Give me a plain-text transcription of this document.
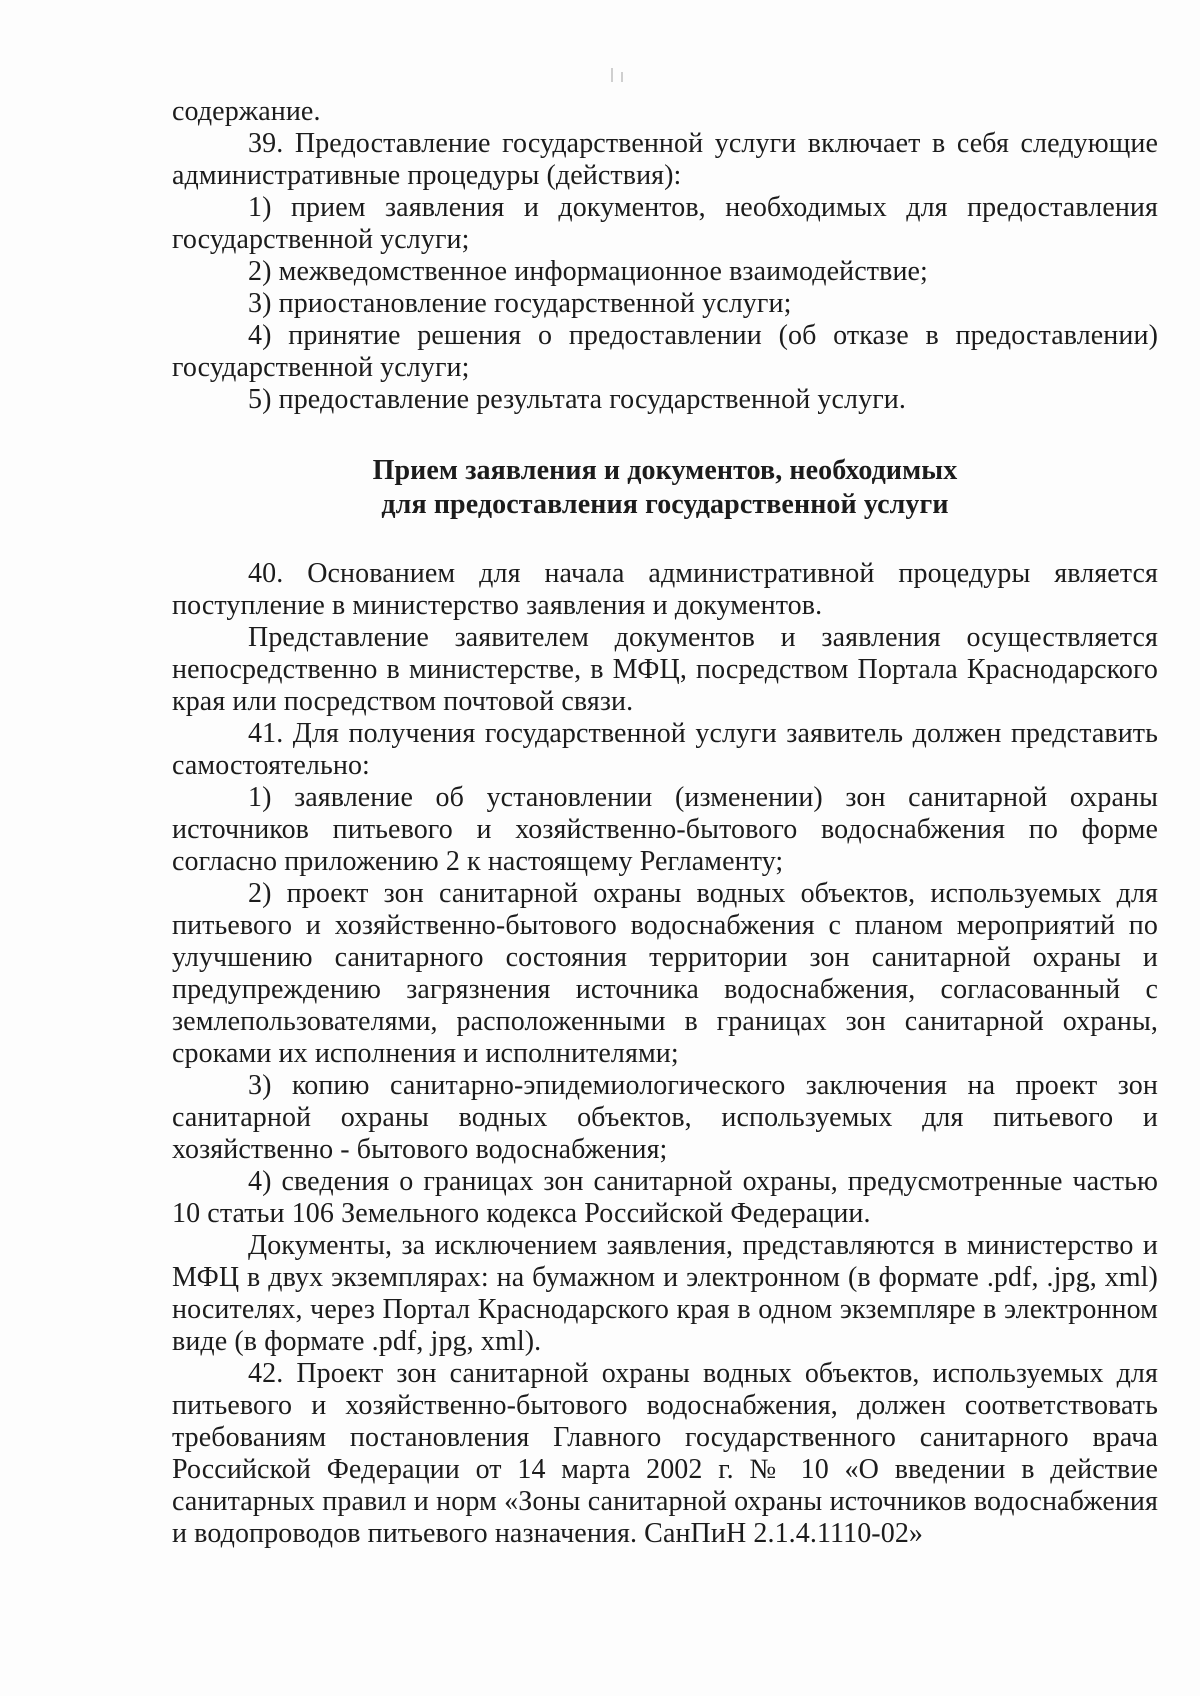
содержание.

39. Предоставление государственной услуги включает в себя следующие административные процедуры (действия):

1) прием заявления и документов, необходимых для предоставления государственной услуги;

2) межведомственное информационное взаимодействие;

3) приостановление государственной услуги;

4) принятие решения о предоставлении (об отказе в предоставлении) государственной услуги;

5) предоставление результата государственной услуги.

Прием заявления и документов, необходимых
для предоставления государственной услуги

40. Основанием для начала административной процедуры является поступление в министерство заявления и документов.

Представление заявителем документов и заявления осуществляется непосредственно в министерстве, в МФЦ, посредством Портала Краснодарского края или посредством почтовой связи.

41. Для получения государственной услуги заявитель должен представить самостоятельно:

1) заявление об установлении (изменении) зон санитарной охраны источников питьевого и хозяйственно-бытового водоснабжения по форме согласно приложению 2 к настоящему Регламенту;

2) проект зон санитарной охраны водных объектов, используемых для питьевого и хозяйственно-бытового водоснабжения с планом мероприятий по улучшению санитарного состояния территории зон санитарной охраны и предупреждению загрязнения источника водоснабжения, согласованный с землепользователями, расположенными в границах зон санитарной охраны, сроками их исполнения и исполнителями;

3) копию санитарно-эпидемиологического заключения на проект зон санитарной охраны водных объектов, используемых для питьевого и хозяйственно - бытового водоснабжения;

4) сведения о границах зон санитарной охраны, предусмотренные частью 10 статьи 106 Земельного кодекса Российской Федерации.

Документы, за исключением заявления, представляются в министерство и МФЦ в двух экземплярах: на бумажном и электронном (в формате .pdf, .jpg, xml) носителях, через Портал Краснодарского края в одном экземпляре в электронном виде (в формате .pdf, jpg, xml).

42. Проект зон санитарной охраны водных объектов, используемых для питьевого и хозяйственно-бытового водоснабжения, должен соответствовать требованиям постановления Главного государственного санитарного врача Российской Федерации от 14 марта 2002 г. № 10 «О введении в действие санитарных правил и норм «Зоны санитарной охраны источников водоснабжения и водопроводов питьевого назначения. СанПиН 2.1.4.1110-02»
